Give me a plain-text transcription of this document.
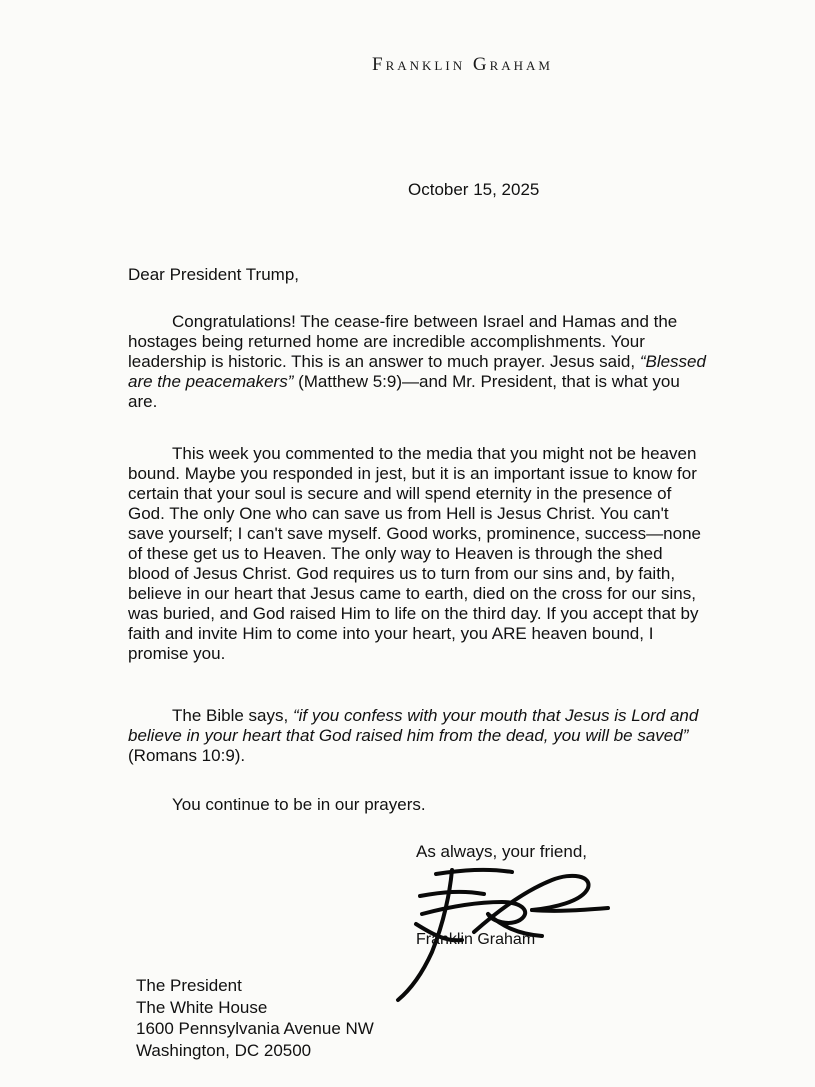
Franklin Graham
October 15, 2025
Dear President Trump,

Congratulations! The cease-fire between Israel and Hamas and the hostages being returned home are incredible accomplishments. Your leadership is historic. This is an answer to much prayer. Jesus said, “Blessed are the peacemakers” (Matthew 5:9)—and Mr. President, that is what you are.

This week you commented to the media that you might not be heaven bound. Maybe you responded in jest, but it is an important issue to know for certain that your soul is secure and will spend eternity in the presence of God. The only One who can save us from Hell is Jesus Christ. You can't save yourself; I can't save myself. Good works, prominence, success—none of these get us to Heaven. The only way to Heaven is through the shed blood of Jesus Christ. God requires us to turn from our sins and, by faith, believe in our heart that Jesus came to earth, died on the cross for our sins, was buried, and God raised Him to life on the third day. If you accept that by faith and invite Him to come into your heart, you ARE heaven bound, I promise you.

The Bible says, “if you confess with your mouth that Jesus is Lord and believe in your heart that God raised him from the dead, you will be saved” (Romans 10:9).

You continue to be in our prayers.

As always, your friend,
Franklin Graham
The President
The White House
1600 Pennsylvania Avenue NW
Washington, DC 20500
